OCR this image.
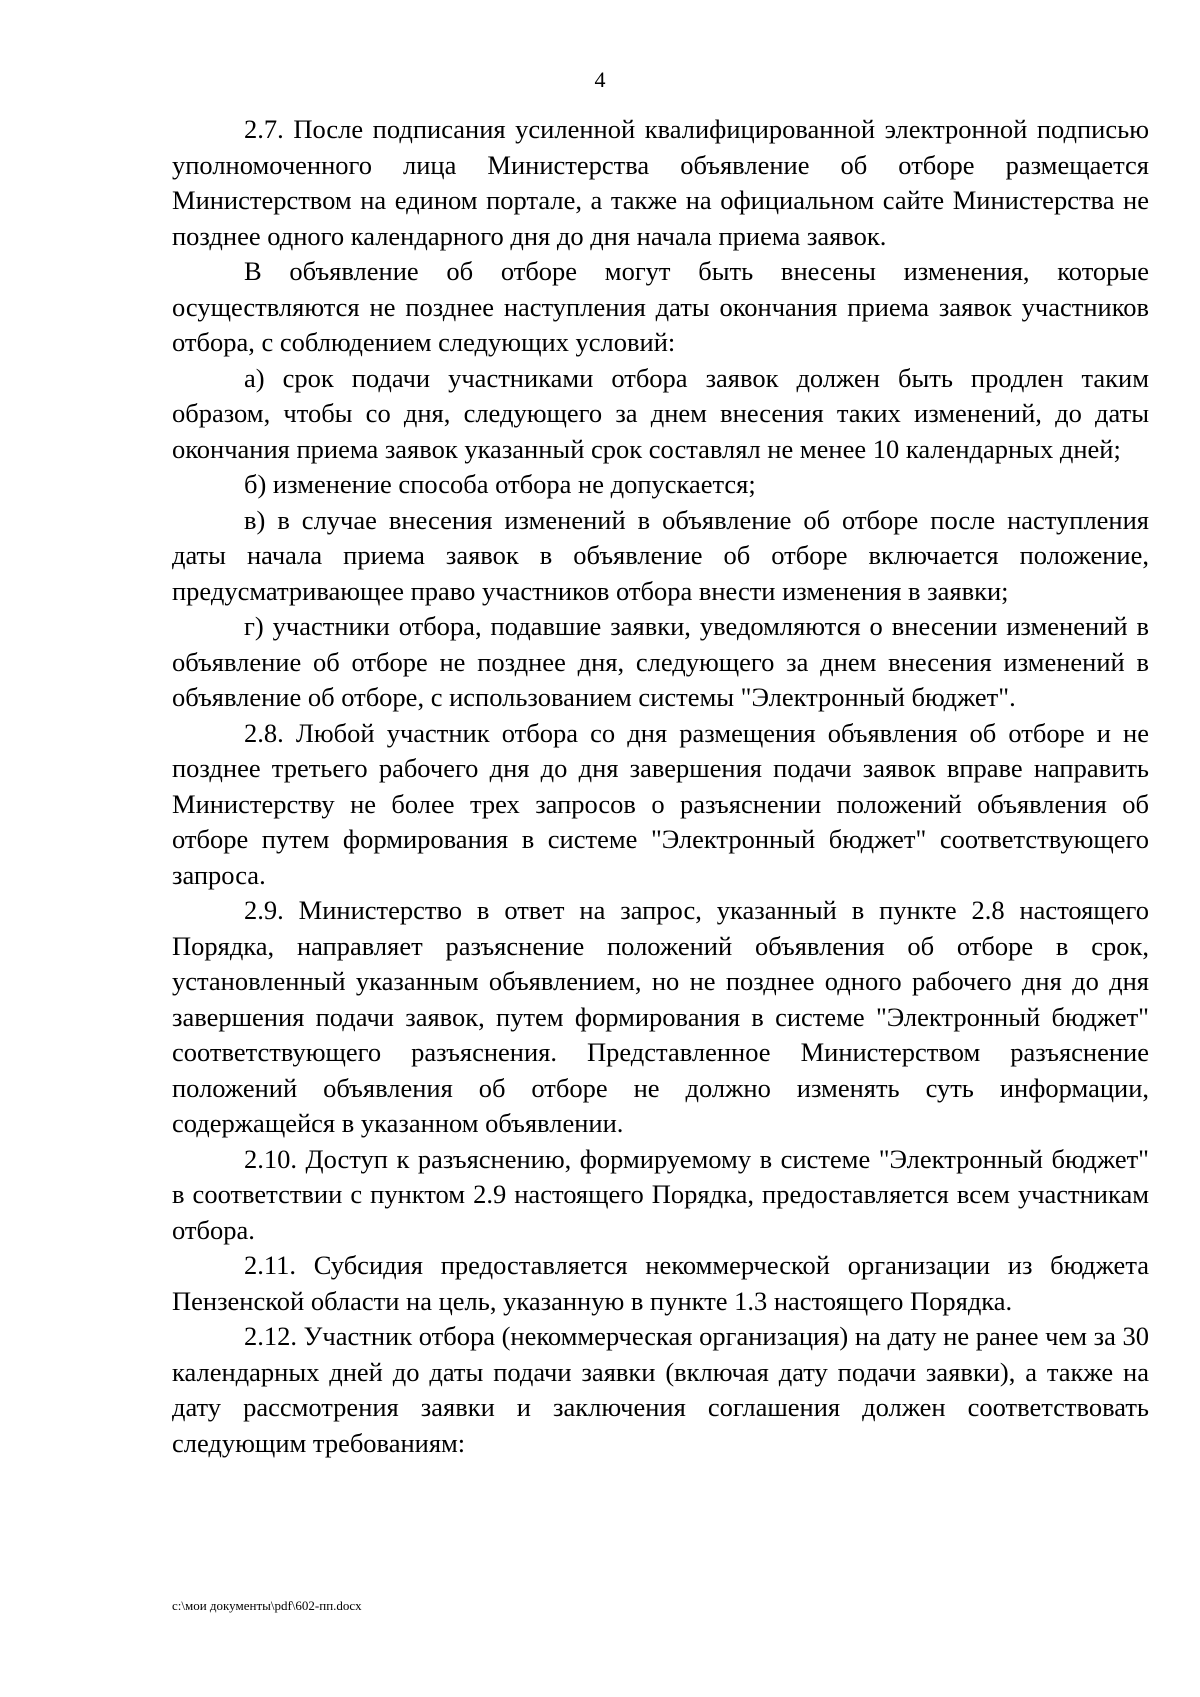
4

2.7. После подписания усиленной квалифицированной электронной подписью уполномоченного лица Министерства объявление об отборе размещается Министерством на едином портале, а также на официальном сайте Министерства не позднее одного календарного дня до дня начала приема заявок.

В объявление об отборе могут быть внесены изменения, которые осуществляются не позднее наступления даты окончания приема заявок участников отбора, с соблюдением следующих условий:

а) срок подачи участниками отбора заявок должен быть продлен таким образом, чтобы со дня, следующего за днем внесения таких изменений, до даты окончания приема заявок указанный срок составлял не менее 10 календарных дней;

б) изменение способа отбора не допускается;

в) в случае внесения изменений в объявление об отборе после наступления даты начала приема заявок в объявление об отборе включается положение, предусматривающее право участников отбора внести изменения в заявки;

г) участники отбора, подавшие заявки, уведомляются о внесении изменений в объявление об отборе не позднее дня, следующего за днем внесения изменений в объявление об отборе, с использованием системы "Электронный бюджет".

2.8. Любой участник отбора со дня размещения объявления об отборе и не позднее третьего рабочего дня до дня завершения подачи заявок вправе направить Министерству не более трех запросов о разъяснении положений объявления об отборе путем формирования в системе "Электронный бюджет" соответствующего запроса.

2.9. Министерство в ответ на запрос, указанный в пункте 2.8 настоящего Порядка, направляет разъяснение положений объявления об отборе в срок, установленный указанным объявлением, но не позднее одного рабочего дня до дня завершения подачи заявок, путем формирования в системе "Электронный бюджет" соответствующего разъяснения. Представленное Министерством разъяснение положений объявления об отборе не должно изменять суть информации, содержащейся в указанном объявлении.

2.10. Доступ к разъяснению, формируемому в системе "Электронный бюджет" в соответствии с пунктом 2.9 настоящего Порядка, предоставляется всем участникам отбора.

2.11. Субсидия предоставляется некоммерческой организации из бюджета Пензенской области на цель, указанную в пункте 1.3 настоящего Порядка.

2.12. Участник отбора (некоммерческая организация) на дату не ранее чем за 30 календарных дней до даты подачи заявки (включая дату подачи заявки), а также на дату рассмотрения заявки и заключения соглашения должен соответствовать следующим требованиям:

c:\мои документы\pdf\602-пп.docx
